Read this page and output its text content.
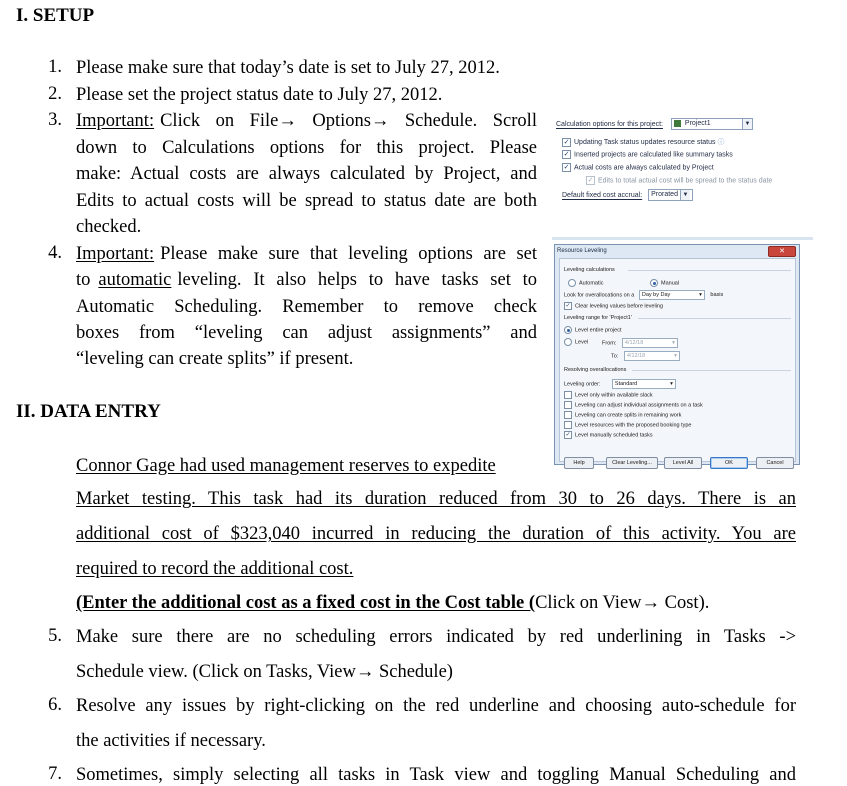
I. SETUP
1. Please make sure that today’s date is set to July 27, 2012.
2. Please set the project status date to July 27, 2012.
3. Important: Click on File→ Options→ Schedule. Scroll
down to Calculations options for this project. Please
make: Actual costs are always calculated by Project, and
Edits to actual costs will be spread to status date are both
checked.
4. Important: Please make sure that leveling options are set
to automatic leveling. It also helps to have tasks set to
Automatic Scheduling. Remember to remove check
boxes from “leveling can adjust assignments” and
“leveling can create splits” if present.
II. DATA ENTRY
Connor Gage had used management reserves to expedite
Market testing. This task had its duration reduced from 30 to 26 days. There is an
additional cost of $323,040 incurred in reducing the duration of this activity. You are
required to record the additional cost.
(Enter the additional cost as a fixed cost in the Cost table (Click on View→ Cost).
5. Make sure there are no scheduling errors indicated by red underlining in Tasks ->
Schedule view. (Click on Tasks, View→ Schedule)
6. Resolve any issues by right-clicking on the red underline and choosing auto-schedule for
the activities if necessary.
7. Sometimes, simply selecting all tasks in Task view and toggling Manual Scheduling and
Calculation options for this project:	Project1	▼
✓ Updating Task status updates resource status ⓘ
✓ Inserted projects are calculated like summary tasks
✓ Actual costs are always calculated by Project
✓ Edits to total actual cost will be spread to the status date
Default fixed cost accrual: Prorated ▼
Resource Leveling	✕
Leveling calculations
Automatic	Manual
Look for overallocations on a Day by Day	▾ basis
✓ Clear leveling values before leveling
Leveling range for 'Project1'
Level entire project
Level	From: 4/12/18	▾
To: 4/12/18	▾
Resolving overallocations
Leveling order:	Standard	▾
Level only within available slack
Leveling can adjust individual assignments on a task
Leveling can create splits in remaining work
Level resources with the proposed booking type
✓ Level manually scheduled tasks
Help	Clear Leveling...	Level All	OK	Cancel
